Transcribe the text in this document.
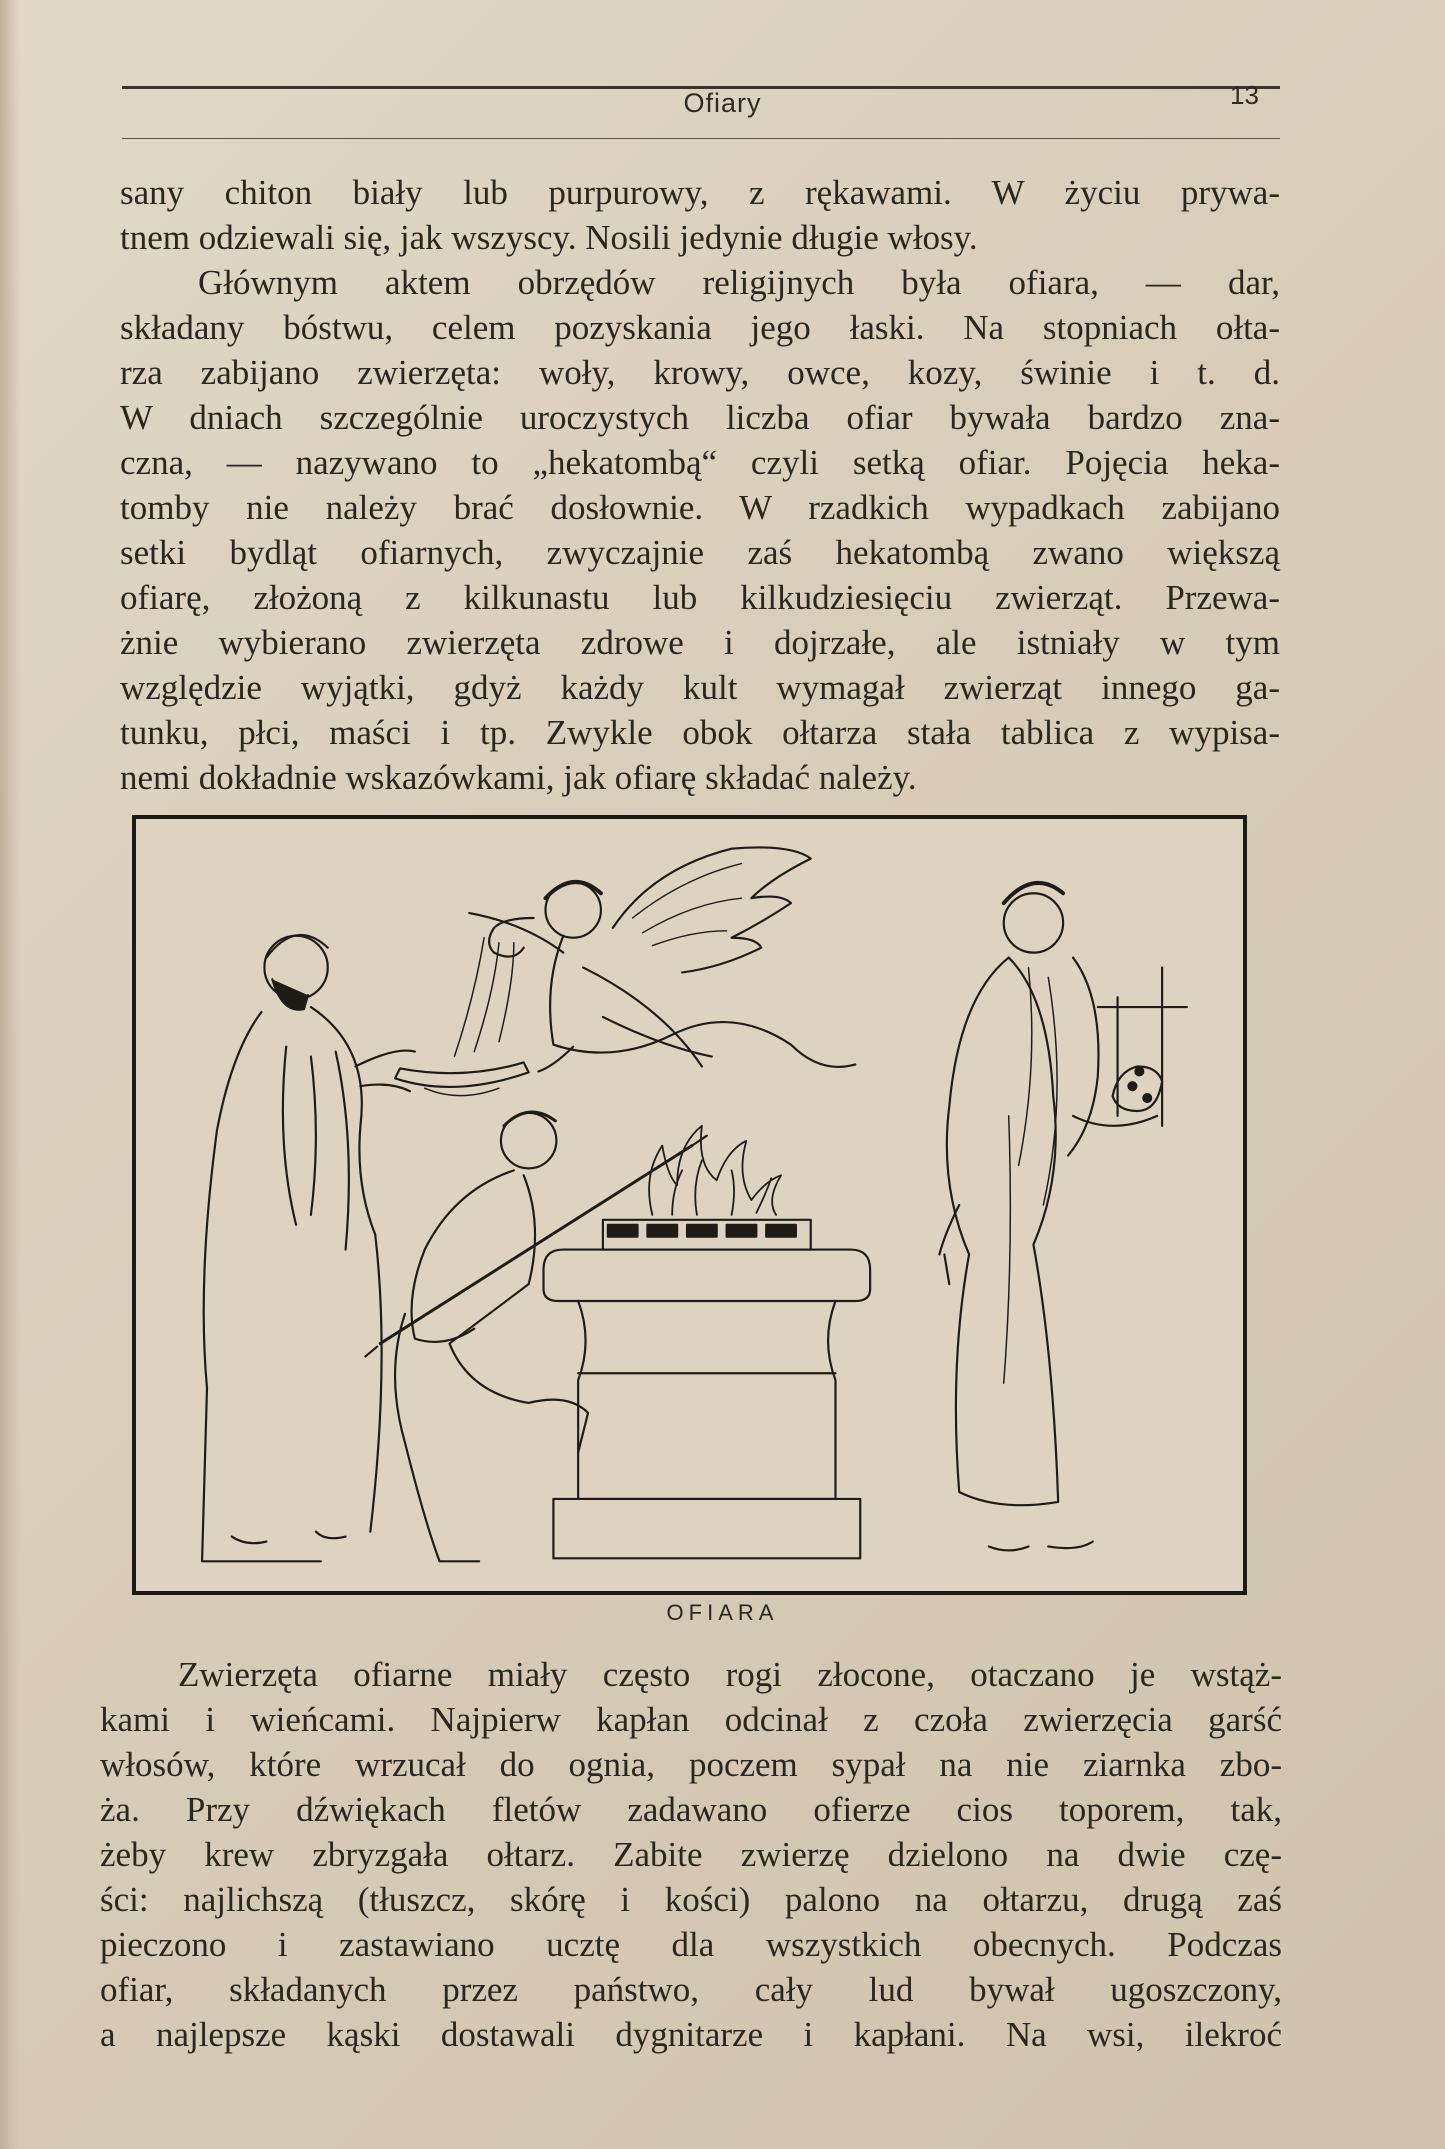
Ofiary	13
sany chiton biały lub purpurowy, z rękawami. W życiu prywa-
tnem odziewali się, jak wszyscy. Nosili jedynie długie włosy.
Głównym aktem obrzędów religijnych była ofiara, — dar,
składany bóstwu, celem pozyskania jego łaski. Na stopniach ołta-
rza zabijano zwierzęta: woły, krowy, owce, kozy, świnie i t. d.
W dniach szczególnie uroczystych liczba ofiar bywała bardzo zna-
czna, — nazywano to „hekatombą“ czyli setką ofiar. Pojęcia heka-
tomby nie należy brać dosłownie. W rzadkich wypadkach zabijano
setki bydląt ofiarnych, zwyczajnie zaś hekatombą zwano większą
ofiarę, złożoną z kilkunastu lub kilkudziesięciu zwierząt. Przewa-
żnie wybierano zwierzęta zdrowe i dojrzałe, ale istniały w tym
względzie wyjątki, gdyż każdy kult wymagał zwierząt innego ga-
tunku, płci, maści i tp. Zwykle obok ołtarza stała tablica z wypisa-
nemi dokładnie wskazówkami, jak ofiarę składać należy.
OFIARA
Zwierzęta ofiarne miały często rogi złocone, otaczano je wstąż-
kami i wieńcami. Najpierw kapłan odcinał z czoła zwierzęcia garść
włosów, które wrzucał do ognia, poczem sypał na nie ziarnka zbo-
ża. Przy dźwiękach fletów zadawano ofierze cios toporem, tak,
żeby krew zbryzgała ołtarz. Zabite zwierzę dzielono na dwie czę-
ści: najlichszą (tłuszcz, skórę i kości) palono na ołtarzu, drugą zaś
pieczono i zastawiano ucztę dla wszystkich obecnych. Podczas
ofiar, składanych przez państwo, cały lud bywał ugoszczony,
a najlepsze kąski dostawali dygnitarze i kapłani. Na wsi, ilekroć
